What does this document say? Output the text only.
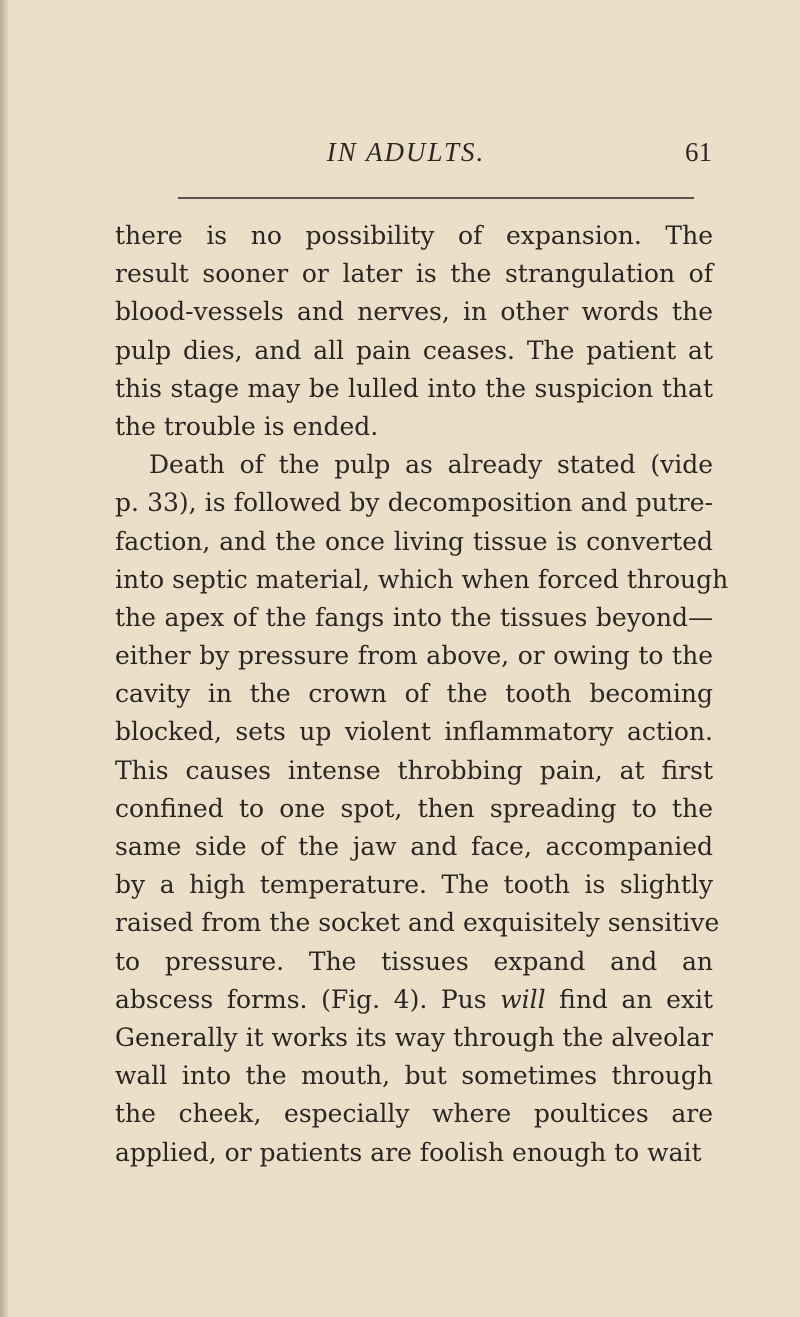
IN ADULTS.	61
there is no possibility of expansion. The
result sooner or later is the strangulation of
blood-vessels and nerves, in other words the
pulp dies, and all pain ceases. The patient at
this stage may be lulled into the suspicion that
the trouble is ended.
Death of the pulp as already stated (vide
p. 33), is followed by decomposition and putre-
faction, and the once living tissue is converted
into septic material, which when forced through
the apex of the fangs into the tissues beyond—
either by pressure from above, or owing to the
cavity in the crown of the tooth becoming
blocked, sets up violent inflammatory action.
This causes intense throbbing pain, at first
confined to one spot, then spreading to the
same side of the jaw and face, accompanied
by a high temperature. The tooth is slightly
raised from the socket and exquisitely sensitive
to pressure. The tissues expand and an
abscess forms. (Fig. 4). Pus will find an exit
Generally it works its way through the alveolar
wall into the mouth, but sometimes through
the cheek, especially where poultices are
applied, or patients are foolish enough to wait
